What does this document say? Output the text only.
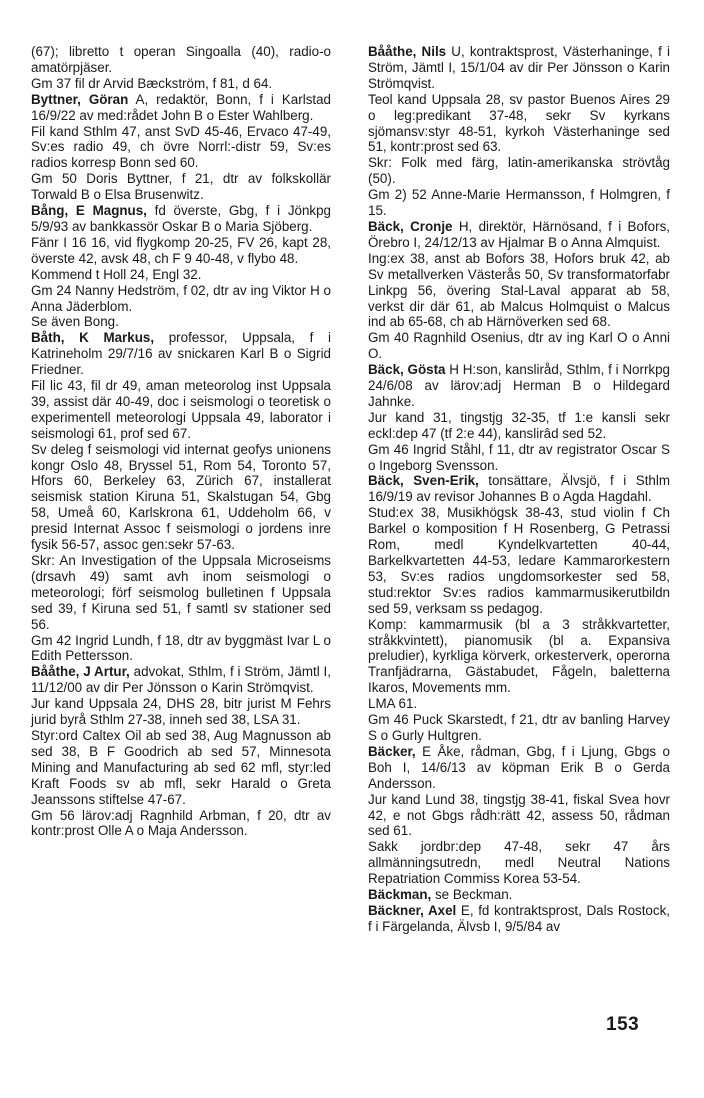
(67); libretto t operan Singoalla (40), radio-o amatörpjäser.

Gm 37 fil dr Arvid Bæckström, f 81, d 64.

Byttner, Göran A, redaktör, Bonn, f i Karlstad 16/9/22 av med:rådet John B o Ester Wahlberg.

Fil kand Sthlm 47, anst SvD 45-46, Ervaco 47-49, Sv:es radio 49, ch övre Norrl:-distr 59, Sv:es radios korresp Bonn sed 60.

Gm 50 Doris Byttner, f 21, dtr av folkskollär Torwald B o Elsa Brusenwitz.

Bång, E Magnus, fd överste, Gbg, f i Jönkpg 5/9/93 av bankkassör Oskar B o Maria Sjöberg.

Fänr I 16 16, vid flygkomp 20-25, FV 26, kapt 28, överste 42, avsk 48, ch F 9 40-48, v flybo 48.

Kommend t Holl 24, Engl 32.

Gm 24 Nanny Hedström, f 02, dtr av ing Viktor H o Anna Jäderblom.

Se även Bong.

Båth, K Markus, professor, Uppsala, f i Katrineholm 29/7/16 av snickaren Karl B o Sigrid Friedner.

Fil lic 43, fil dr 49, aman meteorolog inst Uppsala 39, assist där 40-49, doc i seismologi o teoretisk o experimentell meteorologi Uppsala 49, laborator i seismologi 61, prof sed 67.

Sv deleg f seismologi vid internat geofys unionens kongr Oslo 48, Bryssel 51, Rom 54, Toronto 57, Hfors 60, Berkeley 63, Zürich 67, installerat seismisk station Kiruna 51, Skalstugan 54, Gbg 58, Umeå 60, Karlskrona 61, Uddeholm 66, v presid Internat Assoc f seismologi o jordens inre fysik 56-57, assoc gen:sekr 57-63.

Skr: An Investigation of the Uppsala Microseisms (drsavh 49) samt avh inom seismologi o meteorologi; förf seismolog bulletinen f Uppsala sed 39, f Kiruna sed 51, f samtl sv stationer sed 56.

Gm 42 Ingrid Lundh, f 18, dtr av byggmäst Ivar L o Edith Pettersson.

Bååthe, J Artur, advokat, Sthlm, f i Ström, Jämtl I, 11/12/00 av dir Per Jönsson o Karin Strömqvist.

Jur kand Uppsala 24, DHS 28, bitr jurist M Fehrs jurid byrå Sthlm 27-38, inneh sed 38, LSA 31.

Styr:ord Caltex Oil ab sed 38, Aug Magnusson ab sed 38, B F Goodrich ab sed 57, Minnesota Mining and Manufacturing ab sed 62 mfl, styr:led Kraft Foods sv ab mfl, sekr Harald o Greta Jeanssons stiftelse 47-67.

Gm 56 lärov:adj Ragnhild Arbman, f 20, dtr av kontr:prost Olle A o Maja Andersson.

Bååthe, Nils U, kontraktsprost, Västerhaninge, f i Ström, Jämtl I, 15/1/04 av dir Per Jönsson o Karin Strömqvist.

Teol kand Uppsala 28, sv pastor Buenos Aires 29 o leg:predikant 37-48, sekr Sv kyrkans sjömansv:styr 48-51, kyrkoh Västerhaninge sed 51, kontr:prost sed 63.

Skr: Folk med färg, latin-amerikanska strövtåg (50).

Gm 2) 52 Anne-Marie Hermansson, f Holmgren, f 15.

Bäck, Cronje H, direktör, Härnösand, f i Bofors, Örebro I, 24/12/13 av Hjalmar B o Anna Almquist.

Ing:ex 38, anst ab Bofors 38, Hofors bruk 42, ab Sv metallverken Västerås 50, Sv transformatorfabr Linkpg 56, övering Stal-Laval apparat ab 58, verkst dir där 61, ab Malcus Holmquist o Malcus ind ab 65-68, ch ab Härnöverken sed 68.

Gm 40 Ragnhild Osenius, dtr av ing Karl O o Anni O.

Bäck, Gösta H H:son, kansliråd, Sthlm, f i Norrkpg 24/6/08 av lärov:adj Herman B o Hildegard Jahnke.

Jur kand 31, tingstjg 32-35, tf 1:e kansli sekr eckl:dep 47 (tf 2:e 44), kanslirâd sed 52.

Gm 46 Ingrid Ståhl, f 11, dtr av registrator Oscar S o Ingeborg Svensson.

Bäck, Sven-Erik, tonsättare, Älvsjö, f i Sthlm 16/9/19 av revisor Johannes B o Agda Hagdahl.

Stud:ex 38, Musikhögsk 38-43, stud violin f Ch Barkel o komposition f H Rosenberg, G Petrassi Rom, medl Kyndelkvartetten 40-44, Barkelkvartetten 44-53, ledare Kammarorkestern 53, Sv:es radios ungdomsorkester sed 58, stud:rektor Sv:es radios kammarmusikerutbildn sed 59, verksam ss pedagog.

Komp: kammarmusik (bl a 3 stråkkvartetter, stråkkvintett), pianomusik (bl a. Expansiva preludier), kyrkliga körverk, orkesterverk, operorna Tranfjädrarna, Gästabudet, Fågeln, baletterna Ikaros, Movements mm.

LMA 61.

Gm 46 Puck Skarstedt, f 21, dtr av banling Harvey S o Gurly Hultgren.

Bäcker, E Åke, rådman, Gbg, f i Ljung, Gbgs o Boh I, 14/6/13 av köpman Erik B o Gerda Andersson.

Jur kand Lund 38, tingstjg 38-41, fiskal Svea hovr 42, e not Gbgs rådh:rätt 42, assess 50, rådman sed 61.

Sakk jordbr:dep 47-48, sekr 47 års allmänningsutredn, medl Neutral Nations Repatriation Commiss Korea 53-54.

Bäckman, se Beckman.

Bäckner, Axel E, fd kontraktsprost, Dals Rostock, f i Färgelanda, Älvsb I, 9/5/84 av

153
